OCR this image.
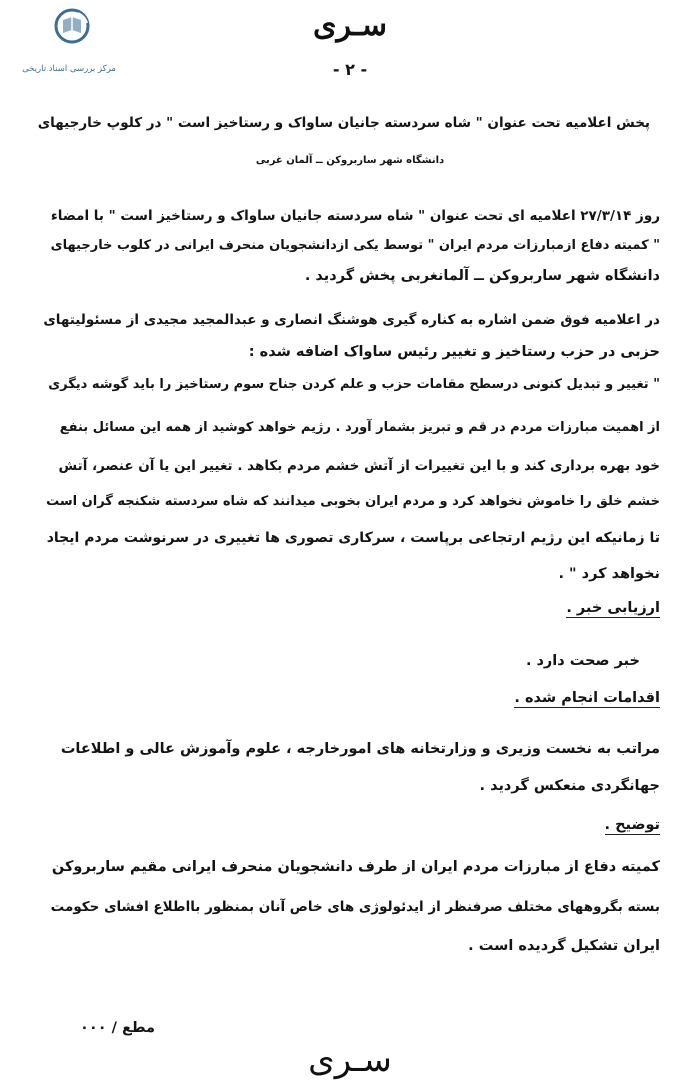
سـری
مرکز بررسی اسناد تاریخی	- ۲ -
پخش اعلامیه تحت عنوان " شاه سردسته جانیان ساواک و رستاخیز است " در کلوپ خارجیهای
دانشگاه شهر ساربروکن ــ آلمان غربی
روز ۲۷/۳/۱۴ اعلامیه ای تحت عنوان " شاه سردسته جانیان ساواک و رستاخیز است " با امضاء
" کمیته دفاع ازمبارزات مردم ایران " توسط یکی ازدانشجویان منحرف ایرانی در کلوب خارجیهای
دانشگاه شهر ساربروکن ــ آلمانغربی پخش گردید .
در اعلامیه فوق ضمن اشاره به کناره گیری هوشنگ انصاری و عبدالمجید مجیدی از مسئولیتهای
حزبی در حزب رستاخیز و تغییر رئیس ساواک اضافه شده :
" تغییر و تبدیل کنونی درسطح مقامات حزب و علم کردن جناح سوم رستاخیز را باید گوشه دیگری
از اهمیت مبارزات مردم در قم و تبریز بشمار آورد . رژیم خواهد کوشید از همه این مسائل بنفع
خود بهره برداری کند و با این تغییرات از آتش خشم مردم بکاهد . تغییر این یا آن عنصر، آتش
خشم خلق را خاموش نخواهد کرد و مردم ایران بخوبی میدانند که شاه سردسته شکنجه گران است
تا زمانیکه این رژیم ارتجاعی برپاست ، سرکاری تصوری ها تغییری در سرنوشت مردم ایجاد
نخواهد کرد " .
ارزیابی خبر .
خبر صحت دارد .
اقدامات انجام شده .
مراتب به نخست وزیری و وزارتخانه های امورخارجه ، علوم وآموزش عالی و اطلاعات
جهانگردی منعکس گردید .
توضیح .
کمیته دفاع از مبارزات مردم ایران از طرف دانشجویان منحرف ایرانی مقیم ساربروکن
بسته بگروههای مختلف صرفنظر از ایدئولوژی های خاص آنان بمنظور بااطلاع افشای حکومت
ایران تشکیل گردیده است .
مطع / ۰۰۰
سـری
